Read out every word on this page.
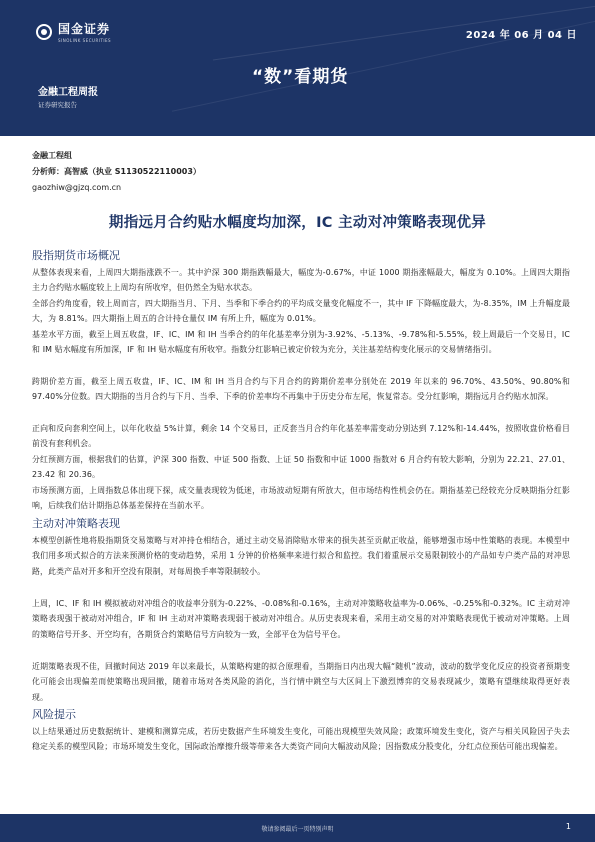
国金证券
SINOLINK SECURITIES	2024 年 06 月 04 日
“数”看期货
金融工程周报
证券研究报告
金融工程组
分析师：高智威（执业 S1130522110003）
gaozhiw@gjzq.com.cn
期指远月合约贴水幅度均加深，IC 主动对冲策略表现优异
股指期货市场概况
从整体表现来看，上周四大期指涨跌不一。其中沪深 300 期指跌幅最大，幅度为-0.67%，中证 1000 期指涨幅最大，幅度为 0.10%。上周四大期指主力合约贴水幅度较上上周均有所收窄，但仍然全为贴水状态。
全部合约角度看，较上周而言，四大期指当月、下月、当季和下季合约的平均成交量变化幅度不一，其中 IF 下降幅度最大，为-8.35%，IM 上升幅度最大，为 8.81%。四大期指上周五的合计持仓量仅 IM 有所上升，幅度为 0.01%。
基差水平方面，截至上周五收盘，IF、IC、IM 和 IH 当季合约的年化基差率分别为-3.92%、-5.13%、-9.78%和-5.55%，较上周最后一个交易日，IC 和 IM 贴水幅度有所加深，IF 和 IH 贴水幅度有所收窄。指数分红影响已被定价较为充分，关注基差结构变化展示的交易情绪指引。
跨期价差方面，截至上周五收盘，IF、IC、IM 和 IH 当月合约与下月合约的跨期价差率分别处在 2019 年以来的 96.70%、43.50%、90.80%和 97.40%分位数。四大期指的当月合约与下月、当季、下季的价差率均不再集中于历史分布左尾，恢复常态。受分红影响，期指远月合约贴水加深。
正向和反向套利空间上，以年化收益 5%计算，剩余 14 个交易日，正反套当月合约年化基差率需变动分别达到 7.12%和-14.44%，按照收盘价格看目前没有套利机会。
分红预测方面，根据我们的估算，沪深 300 指数、中证 500 指数、上证 50 指数和中证 1000 指数对 6 月合约有较大影响，分别为 22.21、27.01、23.42 和 20.36。
市场预测方面，上周指数总体出现下探，成交量表现较为低迷，市场波动短期有所放大，但市场结构性机会仍在。期指基差已经较充分反映期指分红影响，后续我们估计期指总体基差保持在当前水平。
主动对冲策略表现
本模型创新性地将股指期货交易策略与对冲持仓相结合，通过主动交易消除贴水带来的损失甚至贡献正收益，能够增强市场中性策略的表现。本模型中我们用多项式拟合的方法来预测价格的变动趋势，采用 1 分钟的价格频率来进行拟合和监控。我们着重展示交易限制较小的产品如专户类产品的对冲思路，此类产品对开多和开空没有限制，对每周换手率等限制较小。
上周，IC、IF 和 IH 模拟被动对冲组合的收益率分别为-0.22%、-0.08%和-0.16%，主动对冲策略收益率为-0.06%、-0.25%和-0.32%。IC 主动对冲策略表现强于被动对冲组合，IF 和 IH 主动对冲策略表现弱于被动对冲组合。从历史表现来看，采用主动交易的对冲策略表现优于被动对冲策略。上周的策略信号开多、开空均有，各期货合约策略信号方向较为一致，全部平仓为信号平仓。
近期策略表现不佳，回撤时间达 2019 年以来最长，从策略构建的拟合原理看，当期指日内出现大幅“随机”波动，波动的数学变化反应的投资者预期变化可能会出现偏差而使策略出现回撤，随着市场对各类风险的消化，当行情中跳空与大区间上下激烈博弈的交易表现减少，策略有望继续取得更好表现。
风险提示
以上结果通过历史数据统计、建模和测算完成，若历史数据产生环境发生变化，可能出现模型失效风险；政策环境发生变化，资产与相关风险因子失去稳定关系的模型风险；市场环境发生变化，国际政治摩擦升级等带来各大类资产同向大幅波动风险；因指数成分股变化，分红点位预估可能出现偏差。
敬请参阅最后一页特别声明	1
